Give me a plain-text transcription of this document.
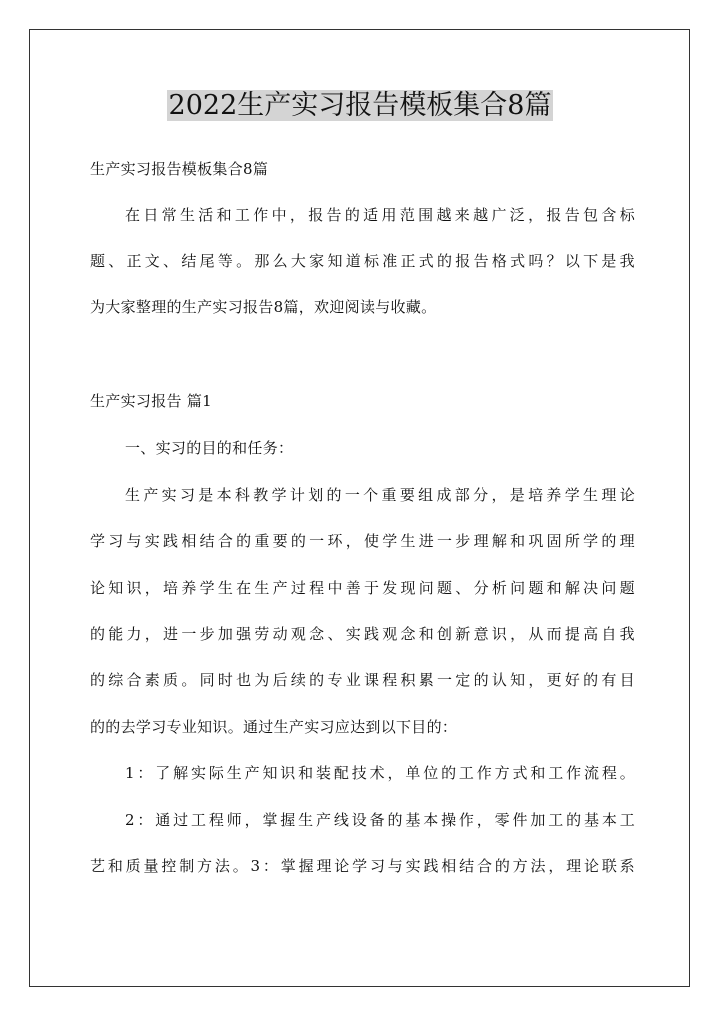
2022生产实习报告模板集合8篇
生产实习报告模板集合8篇
在日常生活和工作中，报告的适用范围越来越广泛，报告包含标
题、正文、结尾等。那么大家知道标准正式的报告格式吗？以下是我
为大家整理的生产实习报告8篇，欢迎阅读与收藏。
生产实习报告 篇1
一、实习的目的和任务：
生产实习是本科教学计划的一个重要组成部分，是培养学生理论
学习与实践相结合的重要的一环，使学生进一步理解和巩固所学的理
论知识，培养学生在生产过程中善于发现问题、分析问题和解决问题
的能力，进一步加强劳动观念、实践观念和创新意识，从而提高自我
的综合素质。同时也为后续的专业课程积累一定的认知，更好的有目
的的去学习专业知识。通过生产实习应达到以下目的：
1：了解实际生产知识和装配技术，单位的工作方式和工作流程。
2：通过工程师，掌握生产线设备的基本操作，零件加工的基本工
艺和质量控制方法。3：掌握理论学习与实践相结合的方法，理论联系
